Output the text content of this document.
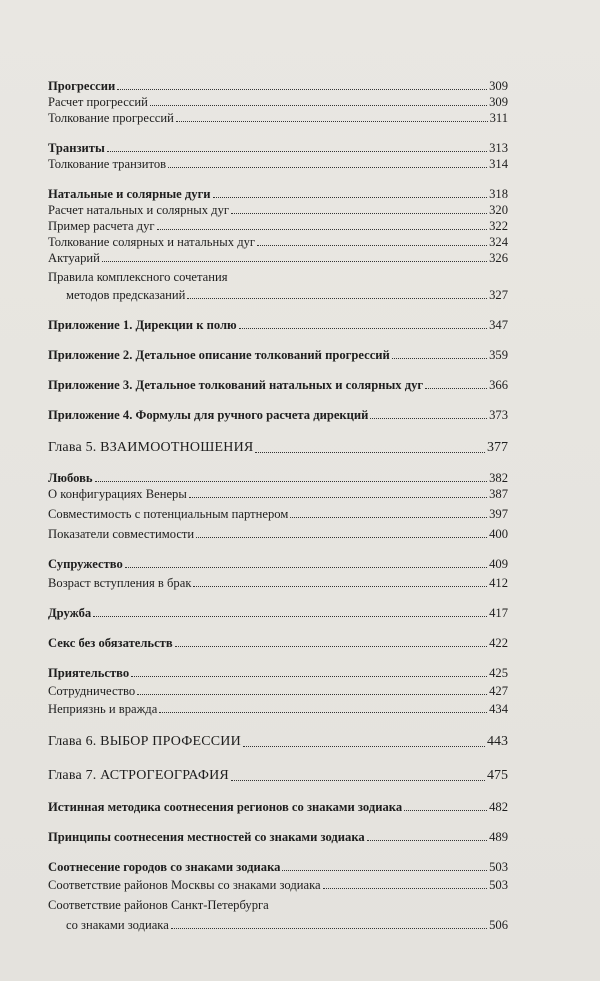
Прогрессии	309
Расчет прогрессий	309
Толкование прогрессий	311
Транзиты	313
Толкование транзитов	314
Натальные и солярные дуги	318
Расчет натальных и солярных дуг	320
Пример расчета дуг	322
Толкование солярных и натальных дуг	324
Актуарий	326
Правила комплексного сочетания
методов предсказаний	327
Приложение 1. Дирекции к полю	347
Приложение 2. Детальное описание толкований прогрессий	359
Приложение 3. Детальное толкований натальных и солярных дуг	366
Приложение 4. Формулы для ручного расчета дирекций	373
Глава 5. ВЗАИМООТНОШЕНИЯ	377
Любовь	382
О конфигурациях Венеры	387
Совместимость с потенциальным партнером	397
Показатели совместимости	400
Супружество	409
Возраст вступления в брак	412
Дружба	417
Секс без обязательств	422
Приятельство	425
Сотрудничество	427
Неприязнь и вражда	434
Глава 6. ВЫБОР ПРОФЕССИИ	443
Глава 7. АСТРОГЕОГРАФИЯ	475
Истинная методика соотнесения регионов со знаками зодиака	482
Принципы соотнесения местностей со знаками зодиака	489
Соотнесение городов со знаками зодиака	503
Соответствие районов Москвы со знаками зодиака	503
Соответствие районов Санкт-Петербурга
со знаками зодиака	506
